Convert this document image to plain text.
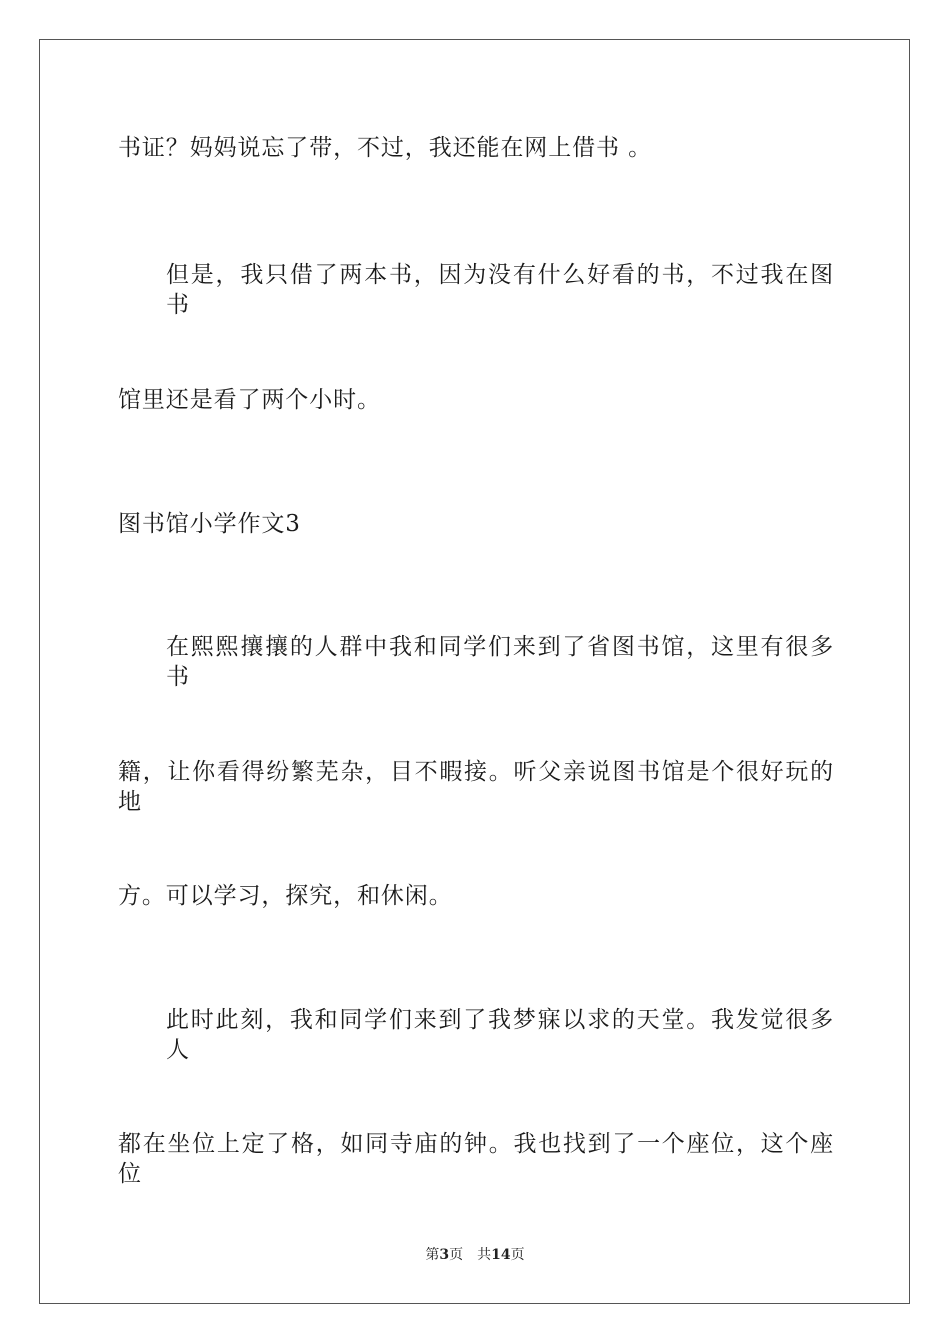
书证？妈妈说忘了带，不过，我还能在网上借书 。
但是，我只借了两本书，因为没有什么好看的书，不过我在图书
馆里还是看了两个小时。
图书馆小学作文3
在熙熙攘攘的人群中我和同学们来到了省图书馆，这里有很多书
籍，让你看得纷繁芜杂，目不暇接。听父亲说图书馆是个很好玩的地
方。可以学习，探究，和休闲。
此时此刻，我和同学们来到了我梦寐以求的天堂。我发觉很多人
都在坐位上定了格，如同寺庙的钟。我也找到了一个座位，这个座位
第3页 共14页
